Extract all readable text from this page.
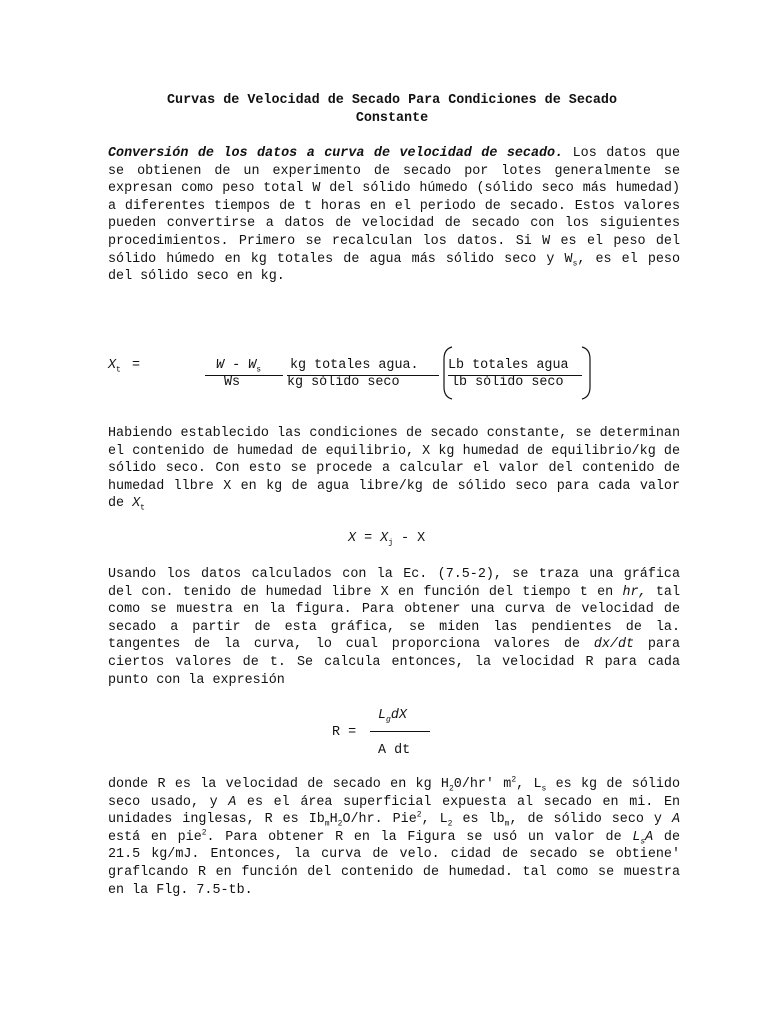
Curvas de Velocidad de Secado Para Condiciones de Secado
Constante
Conversión de los datos a curva de velocidad de secado. Los datos que se obtienen de un experimento de secado por lotes generalmente se expresan como peso total W del sólido húmedo (sólido seco más humedad) a diferentes tiempos de t horas en el periodo de secado. Estos valores pueden convertirse a datos de velocidad de secado con los siguientes procedimientos. Primero se recalculan los datos. Si W es el peso del sólido húmedo en kg totales de agua más sólido seco y $W_s$, es el peso del sólido seco en kg.
$X_t$ =	W - $W_s$
Ws
kg totales agua.
kg sólido seco
Lb totales agua
lb sólido seco
Habiendo establecido las condiciones de secado constante, se determinan el contenido de humedad de equilibrio, X kg humedad de equilibrio/kg de sólido seco. Con esto se procede a calcular el valor del contenido de humedad llbre X en kg de agua libre/kg de sólido seco para cada valor de $X_t$
$X = X_j - X$
Usando los datos calculados con la Ec. (7.5-2), se traza una gráfica del con. tenido de humedad libre X en función del tiempo t en hr, tal como se muestra en la figura. Para obtener una curva de velocidad de secado a partir de esta gráfica, se miden las pendientes de la. tangentes de la curva, lo cual proporciona valores de dx/dt para ciertos valores de t. Se calcula entonces, la velocidad R para cada punto con la expresión
$L_gdX$
R =
A dt
donde R es la velocidad de secado en kg $H_20/hr'$ $m^2$, $L_s$ es kg de sólido seco usado, y A es el área superficial expuesta al secado en mi. En unidades inglesas, R es $Ib_mH_2O/hr$. Pie$^2$, $L_2$ es $lb_m$, de sólido seco y A está en pie$^2$. Para obtener R en la Figura se usó un valor de $L_sA$ de 21.5 kg/mJ. Entonces, la curva de velo. cidad de secado se obtiene' graflcando R en función del contenido de humedad. tal como se muestra en la Flg. 7.5-tb.
